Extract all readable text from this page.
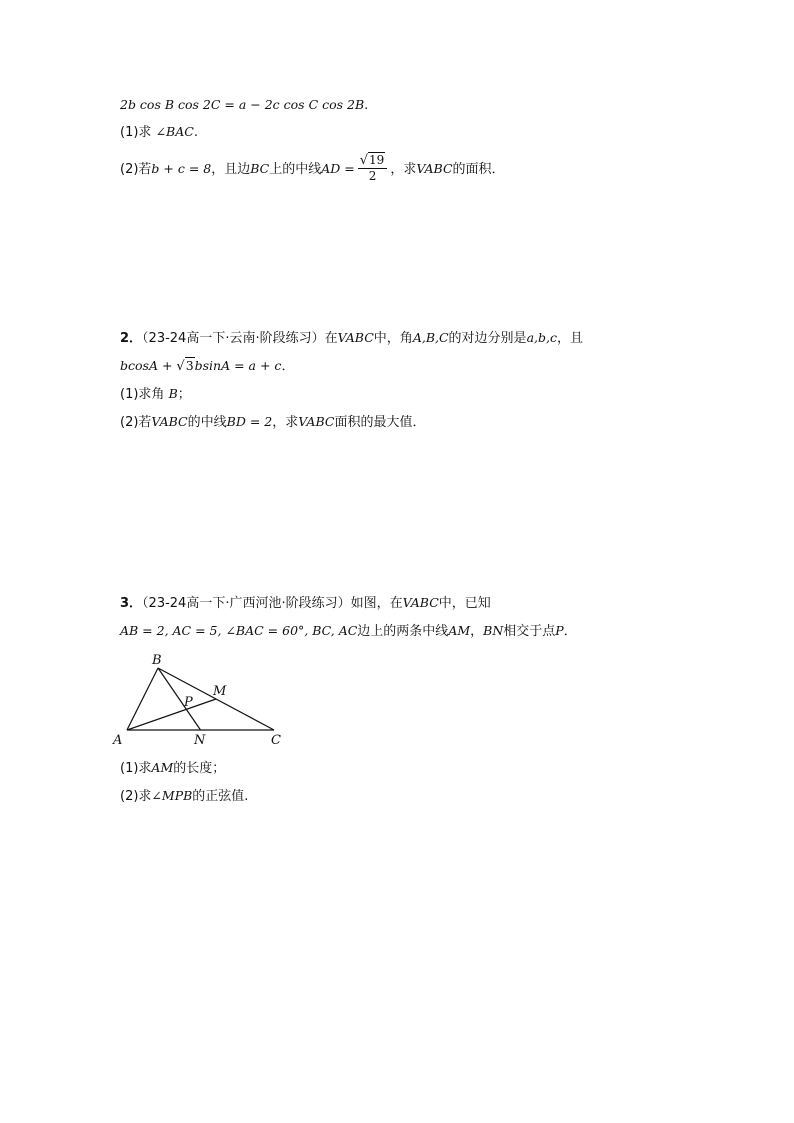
2b cos B cos 2C = a − 2c cos C cos 2B.
(1)求 ∠BAC.
(2)若b + c = 8，且边BC上的中线AD = $\frac{√19}{2}$ ，求VABC的面积．
2．（23-24高一下·云南·阶段练习）在VABC中，角A,B,C的对边分别是a,b,c，且
bcosA + √3bsinA = a + c．
(1)求角 B；
(2)若VABC的中线BD = 2，求VABC面积的最大值．
3．（23-24高一下·广西河池·阶段练习）如图，在VABC中，已知
AB = 2, AC = 5, ∠BAC = 60°, BC, AC边上的两条中线AM，BN相交于点P．
A
B
C
M
N
P
(1)求AM的长度；
(2)求∠MPB的正弦值.
